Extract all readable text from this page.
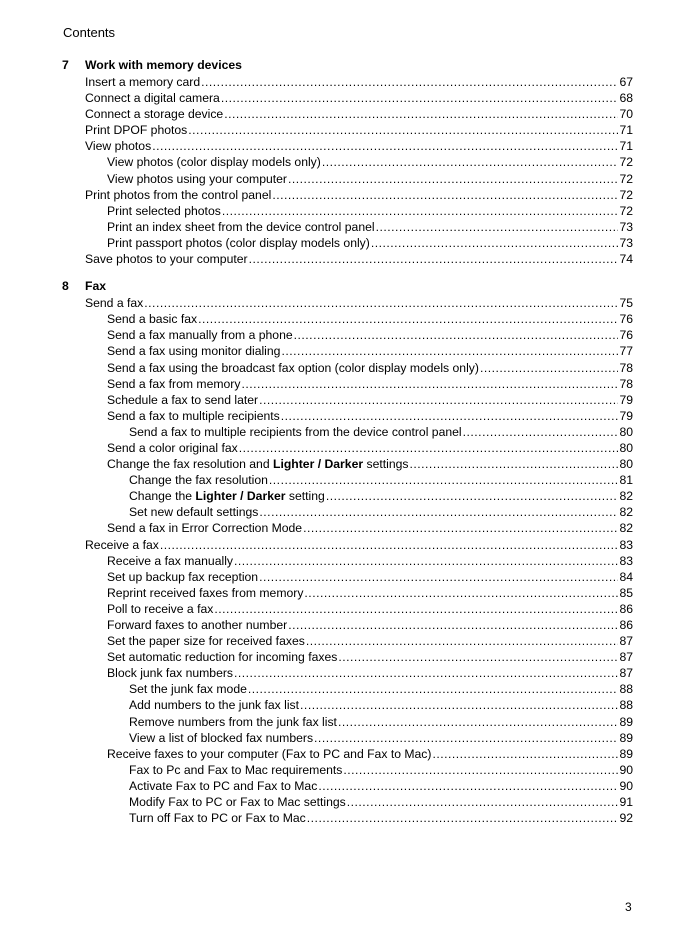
Contents
7	Work with memory devices
Insert a memory card .....	67
Connect a digital camera .....	68
Connect a storage device .....	70
Print DPOF photos .....	71
View photos .....	71
View photos (color display models only) .....	72
View photos using your computer .....	72
Print photos from the control panel .....	72
Print selected photos .....	72
Print an index sheet from the device control panel .....	73
Print passport photos (color display models only) .....	73
Save photos to your computer .....	74
8	Fax
Send a fax .....	75
Send a basic fax .....	76
Send a fax manually from a phone .....	76
Send a fax using monitor dialing .....	77
Send a fax using the broadcast fax option (color display models only) .....	78
Send a fax from memory .....	78
Schedule a fax to send later .....	79
Send a fax to multiple recipients .....	79
Send a fax to multiple recipients from the device control panel .....	80
Send a color original fax .....	80
Change the fax resolution and Lighter / Darker settings .....	80
Change the fax resolution .....	81
Change the Lighter / Darker setting .....	82
Set new default settings .....	82
Send a fax in Error Correction Mode .....	82
Receive a fax .....	83
Receive a fax manually .....	83
Set up backup fax reception .....	84
Reprint received faxes from memory .....	85
Poll to receive a fax .....	86
Forward faxes to another number .....	86
Set the paper size for received faxes .....	87
Set automatic reduction for incoming faxes .....	87
Block junk fax numbers .....	87
Set the junk fax mode .....	88
Add numbers to the junk fax list .....	88
Remove numbers from the junk fax list .....	89
View a list of blocked fax numbers .....	89
Receive faxes to your computer (Fax to PC and Fax to Mac) .....	89
Fax to Pc and Fax to Mac requirements .....	90
Activate Fax to PC and Fax to Mac .....	90
Modify Fax to PC or Fax to Mac settings .....	91
Turn off Fax to PC or Fax to Mac .....	92
3
